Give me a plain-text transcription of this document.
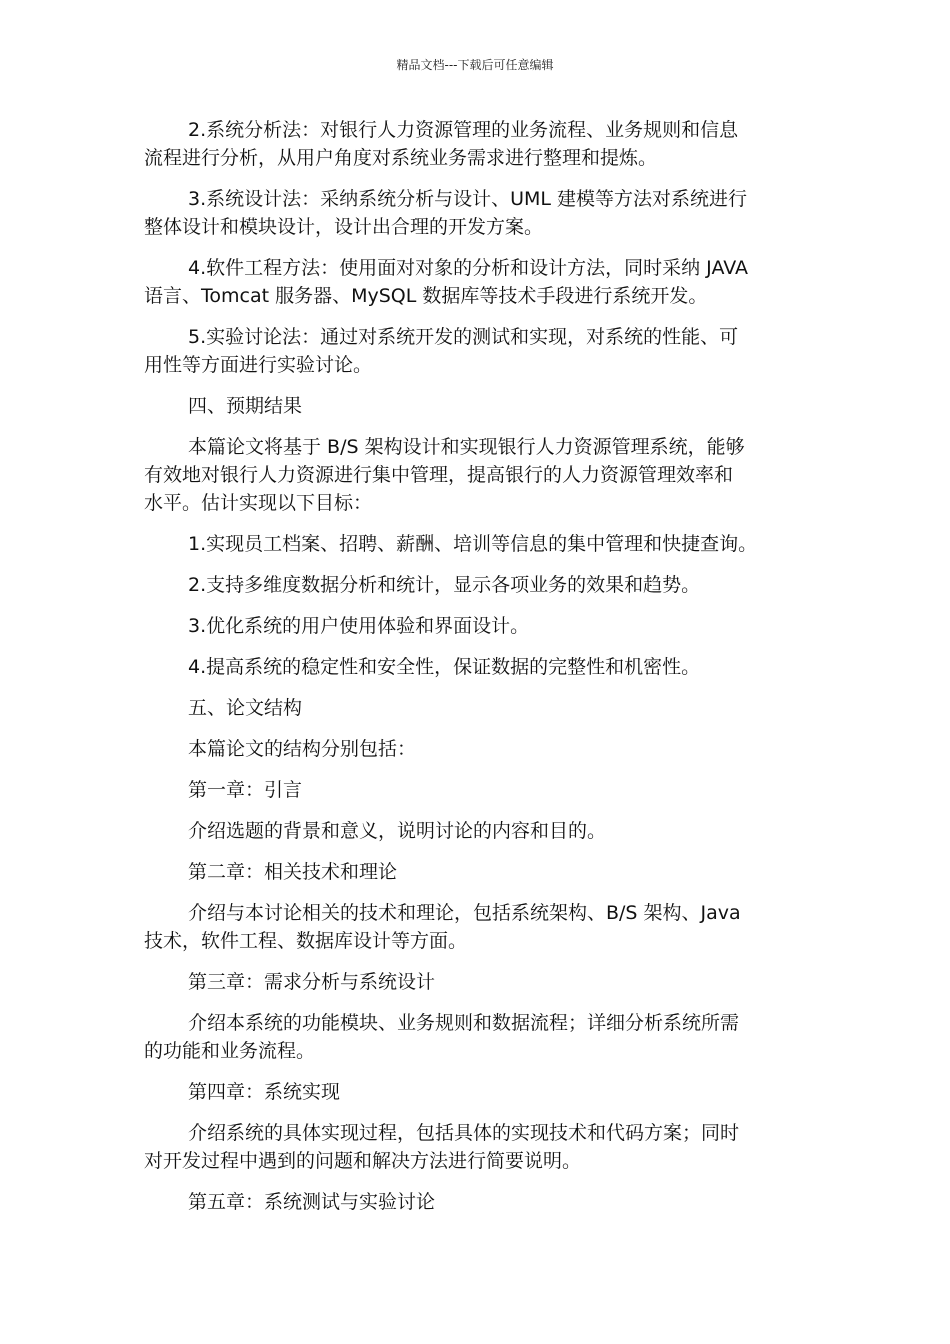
精品文档---下载后可任意编辑

2.系统分析法：对银行人力资源管理的业务流程、业务规则和信息
流程进行分析，从用户角度对系统业务需求进行整理和提炼。

3.系统设计法：采纳系统分析与设计、UML 建模等方法对系统进行
整体设计和模块设计，设计出合理的开发方案。

4.软件工程方法：使用面对对象的分析和设计方法，同时采纳 JAVA
语言、Tomcat 服务器、MySQL 数据库等技术手段进行系统开发。

5.实验讨论法：通过对系统开发的测试和实现，对系统的性能、可
用性等方面进行实验讨论。

四、预期结果

本篇论文将基于 B/S 架构设计和实现银行人力资源管理系统，能够
有效地对银行人力资源进行集中管理，提高银行的人力资源管理效率和
水平。估计实现以下目标：

1.实现员工档案、招聘、薪酬、培训等信息的集中管理和快捷查询。

2.支持多维度数据分析和统计，显示各项业务的效果和趋势。

3.优化系统的用户使用体验和界面设计。

4.提高系统的稳定性和安全性，保证数据的完整性和机密性。

五、论文结构

本篇论文的结构分别包括：

第一章：引言

介绍选题的背景和意义，说明讨论的内容和目的。

第二章：相关技术和理论

介绍与本讨论相关的技术和理论，包括系统架构、B/S 架构、Java
技术，软件工程、数据库设计等方面。

第三章：需求分析与系统设计

介绍本系统的功能模块、业务规则和数据流程；详细分析系统所需
的功能和业务流程。

第四章：系统实现

介绍系统的具体实现过程，包括具体的实现技术和代码方案；同时
对开发过程中遇到的问题和解决方法进行简要说明。

第五章：系统测试与实验讨论
